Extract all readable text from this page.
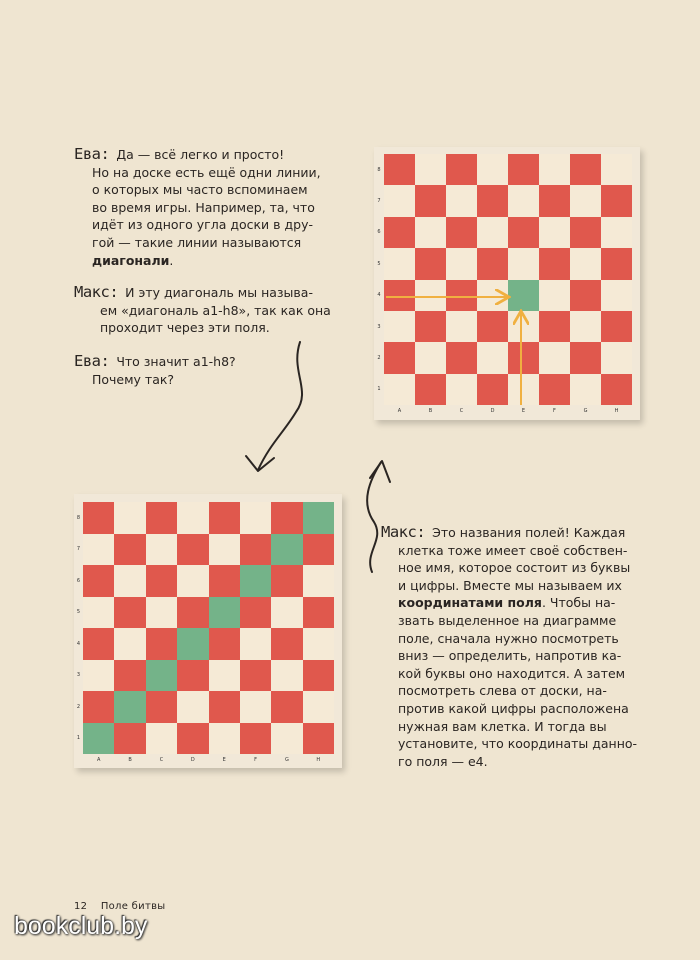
Ева: Да — всё легко и просто!

Но на доске есть ещё одни линии,

о которых мы часто вспоминаем

во время игры. Например, та, что

идёт из одного угла доски в дру-

гой — такие линии называются

диагонали.

Макс: И эту диагональ мы называ-

ем «диагональ a1-h8», так как она

проходит через эти поля.

Ева: Что значит a1-h8?

Почему так?

8
7
6
5
4
3
2
1
A	B	C	D	E	F	G	H
8
7
6
5
4
3
2
1
A	B	C	D	E	F	G	H

Макс: Это названия полей! Каждая

клетка тоже имеет своё собствен-

ное имя, которое состоит из буквы

и цифры. Вместе мы называем их

координатами поля. Чтобы на-

звать выделенное на диаграмме

поле, сначала нужно посмотреть

вниз — определить, напротив ка-

кой буквы оно находится. А затем

посмотреть слева от доски, на-

против какой цифры расположена

нужная вам клетка. И тогда вы

установите, что координаты данно-

го поля — e4.

12 Поле битвы
bookclub.by
